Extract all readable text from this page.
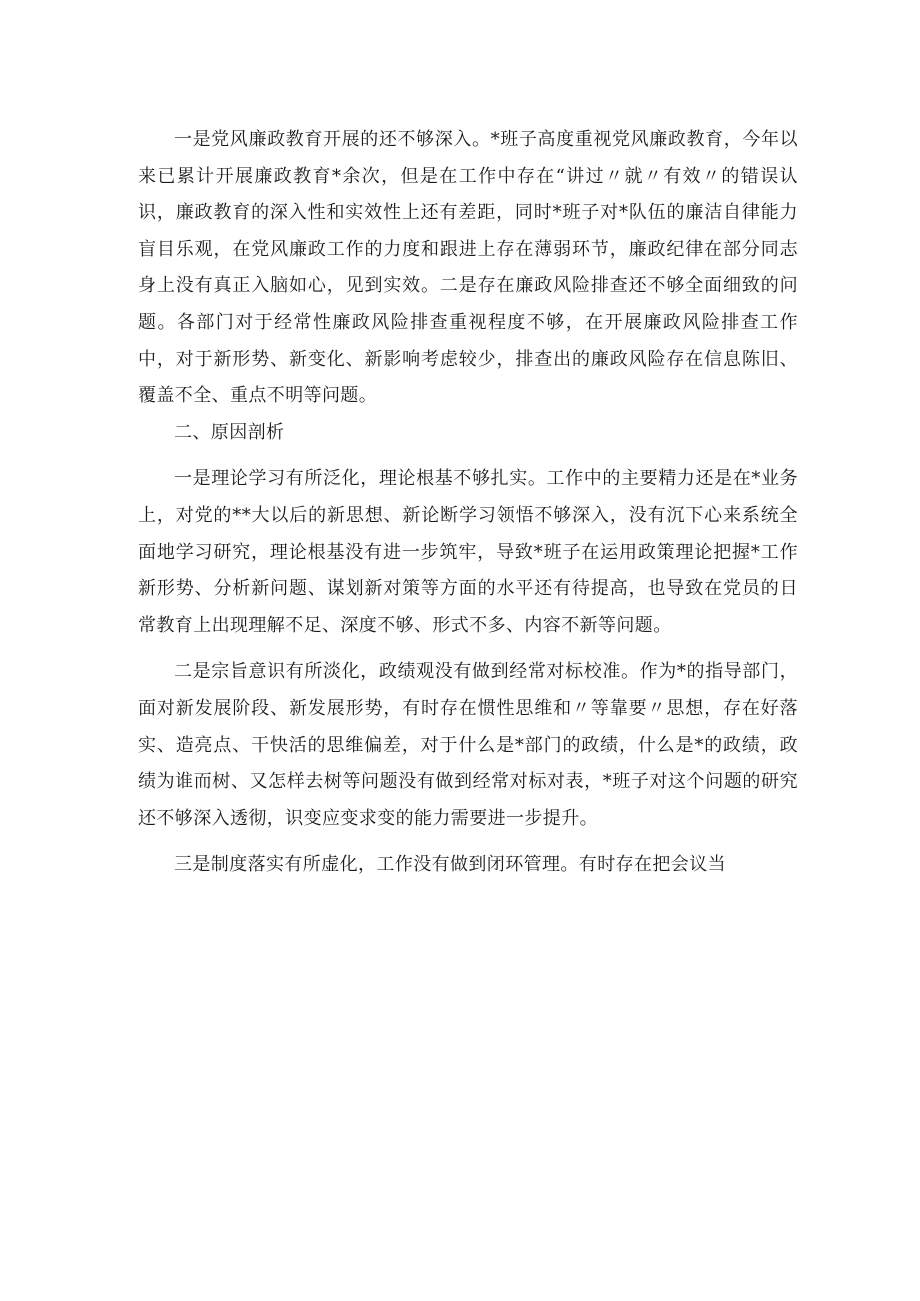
一是党风廉政教育开展的还不够深入。*班子高度重视党风廉政教育，今年以来已累计开展廉政教育*余次，但是在工作中存在“讲过〃就〃有效〃的错误认识，廉政教育的深入性和实效性上还有差距，同时*班子对*队伍的廉洁自律能力盲目乐观，在党风廉政工作的力度和跟进上存在薄弱环节，廉政纪律在部分同志身上没有真正入脑如心，见到实效。二是存在廉政风险排查还不够全面细致的问题。各部门对于经常性廉政风险排查重视程度不够，在开展廉政风险排查工作中，对于新形势、新变化、新影响考虑较少，排查出的廉政风险存在信息陈旧、覆盖不全、重点不明等问题。

二、原因剖析

一是理论学习有所泛化，理论根基不够扎实。工作中的主要精力还是在*业务上，对党的**大以后的新思想、新论断学习领悟不够深入，没有沉下心来系统全面地学习研究，理论根基没有进一步筑牢，导致*班子在运用政策理论把握*工作新形势、分析新问题、谋划新对策等方面的水平还有待提高，也导致在党员的日常教育上出现理解不足、深度不够、形式不多、内容不新等问题。

二是宗旨意识有所淡化，政绩观没有做到经常对标校准。作为*的指导部门，面对新发展阶段、新发展形势，有时存在惯性思维和〃等靠要〃思想，存在好落实、造亮点、干快活的思维偏差，对于什么是*部门的政绩，什么是*的政绩，政绩为谁而树、又怎样去树等问题没有做到经常对标对表，*班子对这个问题的研究还不够深入透彻，识变应变求变的能力需要进一步提升。

三是制度落实有所虚化，工作没有做到闭环管理。有时存在把会议当
